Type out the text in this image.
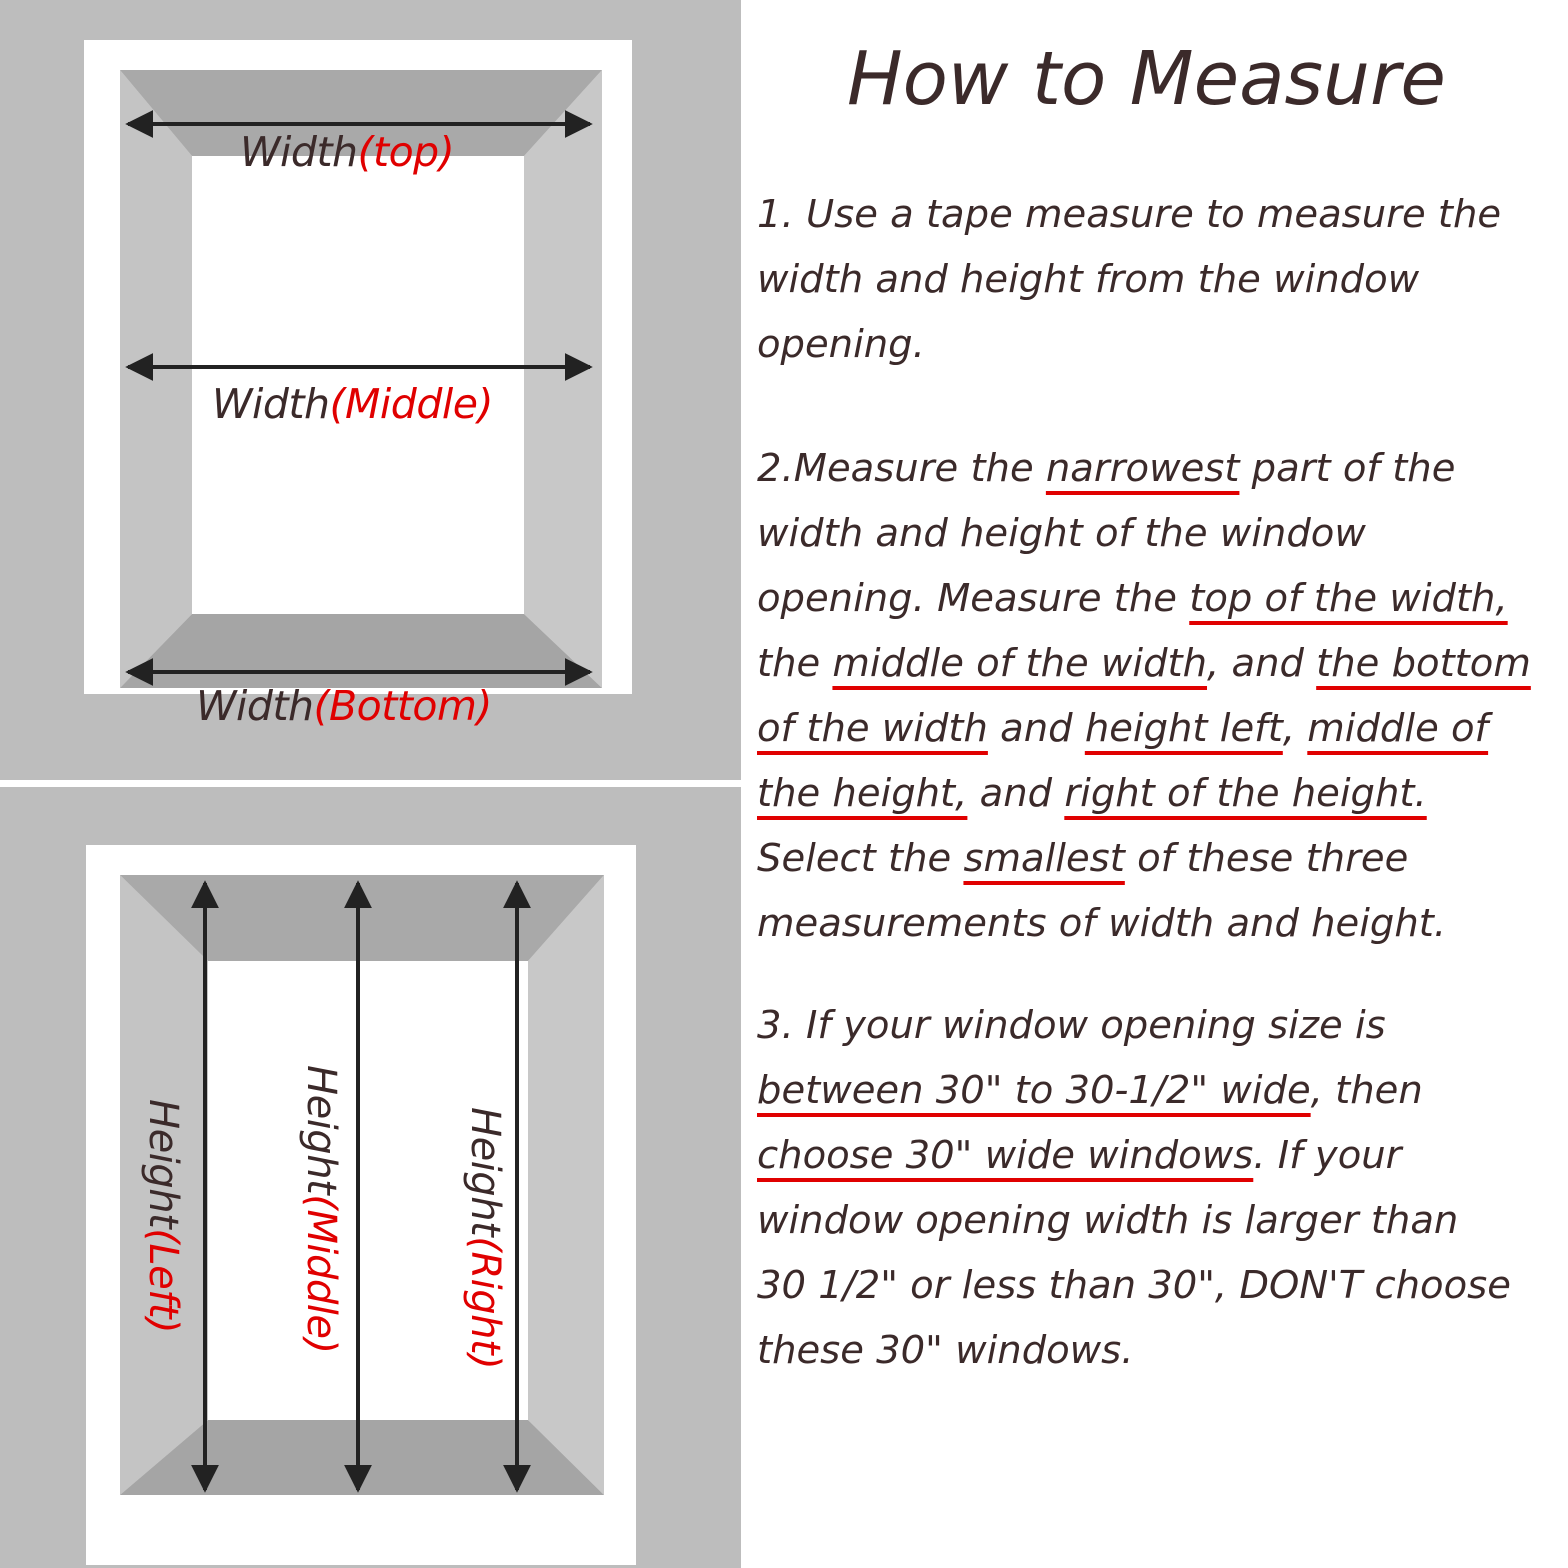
Width(top)
Width(Middle)
Width(Bottom)
Height(Left)
Height(Middle)
Height(Right)
How to Measure
1. Use a tape measure to measure the
width and height from the window
opening.
2.Measure the narrowest part of the
width and height of the window
opening. Measure the top of the width,
the middle of the width, and the bottom
of the width and height left, middle of
the height, and right of the height.
Select the smallest of these three
measurements of width and height.
3. If your window opening size is
between 30" to 30-1/2" wide, then
choose 30" wide windows. If your
window opening width is larger than
30 1/2" or less than 30", DON'T choose
these 30" windows.
